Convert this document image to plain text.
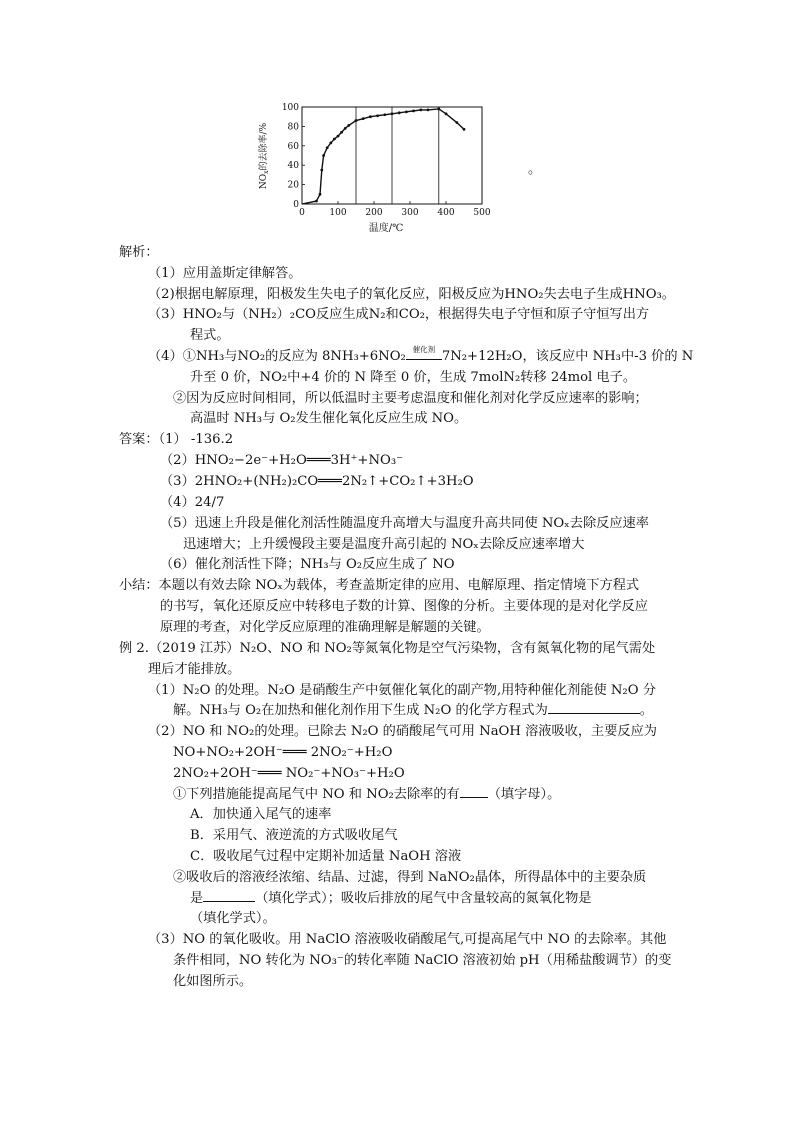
0	100 200 300 400 500
0
20
40
60
80
100
温度/℃
$NO_x$的去除率/%	。
解析：
（1）应用盖斯定律解答。
（2)根据电解原理，阳极发生失电子的氧化反应，阳极反应为HNO₂失去电子生成HNO₃。
（3）HNO₂与（NH₂）₂CO反应生成N₂和CO₂，根据得失电子守恒和原子守恒写出方
程式。
（4）①NH₃与NO₂的反应为 8NH₃+6NO₂ 催化剂 7N₂+12H₂O，该反应中 NH₃中-3 价的 N
升至 0 价，NO₂中+4 价的 N 降至 0 价，生成 7molN₂转移 24mol 电子。
②因为反应时间相同，所以低温时主要考虑温度和催化剂对化学反应速率的影响；
高温时 NH₃与 O₂发生催化氧化反应生成 NO。
答案：（1） -136.2
（2）HNO₂−2e⁻+H₂O═══3H⁺+NO₃⁻
（3）2HNO₂+(NH₂)₂CO═══2N₂↑+CO₂↑+3H₂O
（4）24/7
（5）迅速上升段是催化剂活性随温度升高增大与温度升高共同使 NOₓ去除反应速率
迅速增大；上升缓慢段主要是温度升高引起的 NOₓ去除反应速率增大
（6）催化剂活性下降；NH₃与 O₂反应生成了 NO
小结：本题以有效去除 NOₓ为载体，考查盖斯定律的应用、电解原理、指定情境下方程式
的书写，氧化还原反应中转移电子数的计算、图像的分析。主要体现的是对化学反应
原理的考查，对化学反应原理的准确理解是解题的关键。
例 2.（2019 江苏）N₂O、NO 和 NO₂等氮氧化物是空气污染物，含有氮氧化物的尾气需处
理后才能排放。
（1）N₂O 的处理。N₂O 是硝酸生产中氨催化氧化的副产物,用特种催化剂能使 N₂O 分
解。NH₃与 O₂在加热和催化剂作用下生成 N₂O 的化学方程式为	。
（2）NO 和 NO₂的处理。已除去 N₂O 的硝酸尾气可用 NaOH 溶液吸收，主要反应为
NO+NO₂+2OH⁻═══ 2NO₂⁻+H₂O
2NO₂+2OH⁻═══ NO₂⁻+NO₃⁻+H₂O
①下列措施能提高尾气中 NO 和 NO₂去除率的有 （填字母）。
A．加快通入尾气的速率
B．采用气、液逆流的方式吸收尾气
C．吸收尾气过程中定期补加适量 NaOH 溶液
②吸收后的溶液经浓缩、结晶、过滤，得到 NaNO₂晶体，所得晶体中的主要杂质
是	（填化学式）；吸收后排放的尾气中含量较高的氮氧化物是
（填化学式）。
（3）NO 的氧化吸收。用 NaClO 溶液吸收硝酸尾气,可提高尾气中 NO 的去除率。其他
条件相同，NO 转化为 NO₃⁻的转化率随 NaClO 溶液初始 pH（用稀盐酸调节）的变
化如图所示。
